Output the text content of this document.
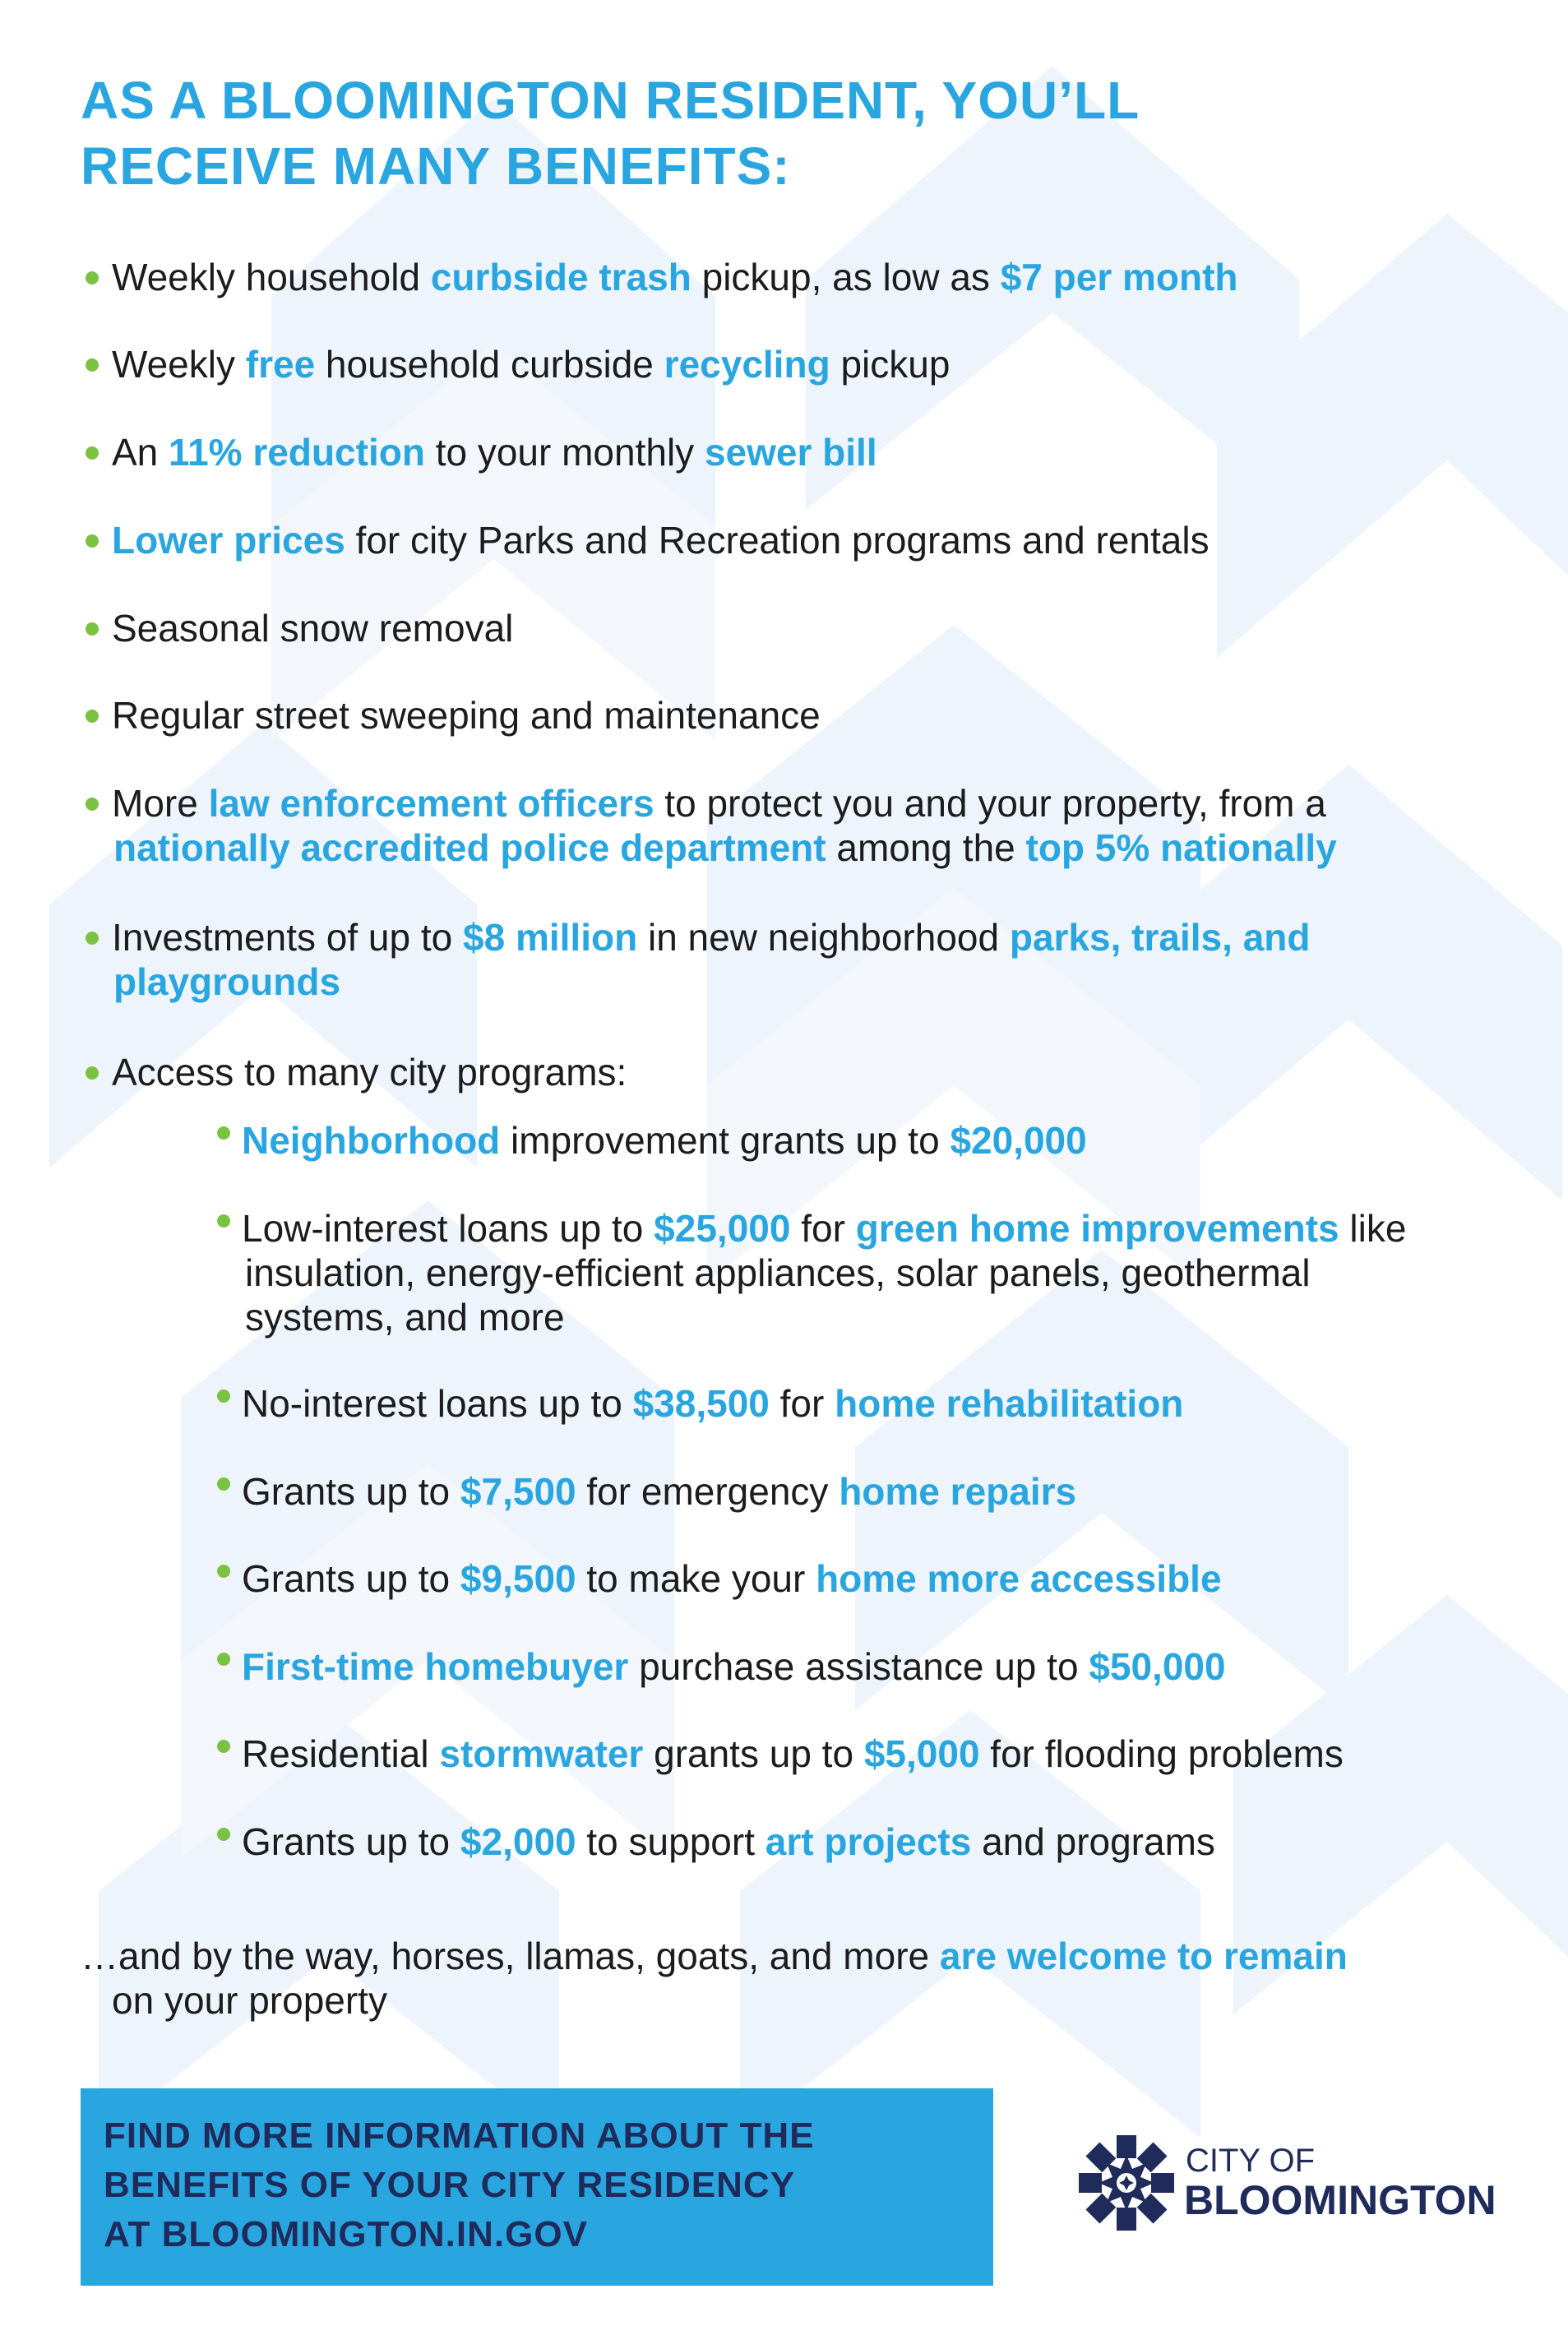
AS A BLOOMINGTON RESIDENT, YOU’LL
RECEIVE MANY BENEFITS:
Weekly household curbside trash pickup, as low as $7 per month
Weekly free household curbside recycling pickup
An 11% reduction to your monthly sewer bill
Lower prices for city Parks and Recreation programs and rentals
Seasonal snow removal
Regular street sweeping and maintenance
More law enforcement officers to protect you and your property, from a
nationally accredited police department among the top 5% nationally
Investments of up to $8 million in new neighborhood parks, trails, and
playgrounds
Access to many city programs:
Neighborhood improvement grants up to $20,000
Low-interest loans up to $25,000 for green home improvements like
insulation, energy-efficient appliances, solar panels, geothermal
systems, and more
No-interest loans up to $38,500 for home rehabilitation
Grants up to $7,500 for emergency home repairs
Grants up to $9,500 to make your home more accessible
First-time homebuyer purchase assistance up to $50,000
Residential stormwater grants up to $5,000 for flooding problems
Grants up to $2,000 to support art projects and programs
…and by the way, horses, llamas, goats, and more are welcome to remain
on your property
FIND MORE INFORMATION ABOUT THE
BENEFITS OF YOUR CITY RESIDENCY
AT BLOOMINGTON.IN.GOV
CITY OF
BLOOMINGTON
